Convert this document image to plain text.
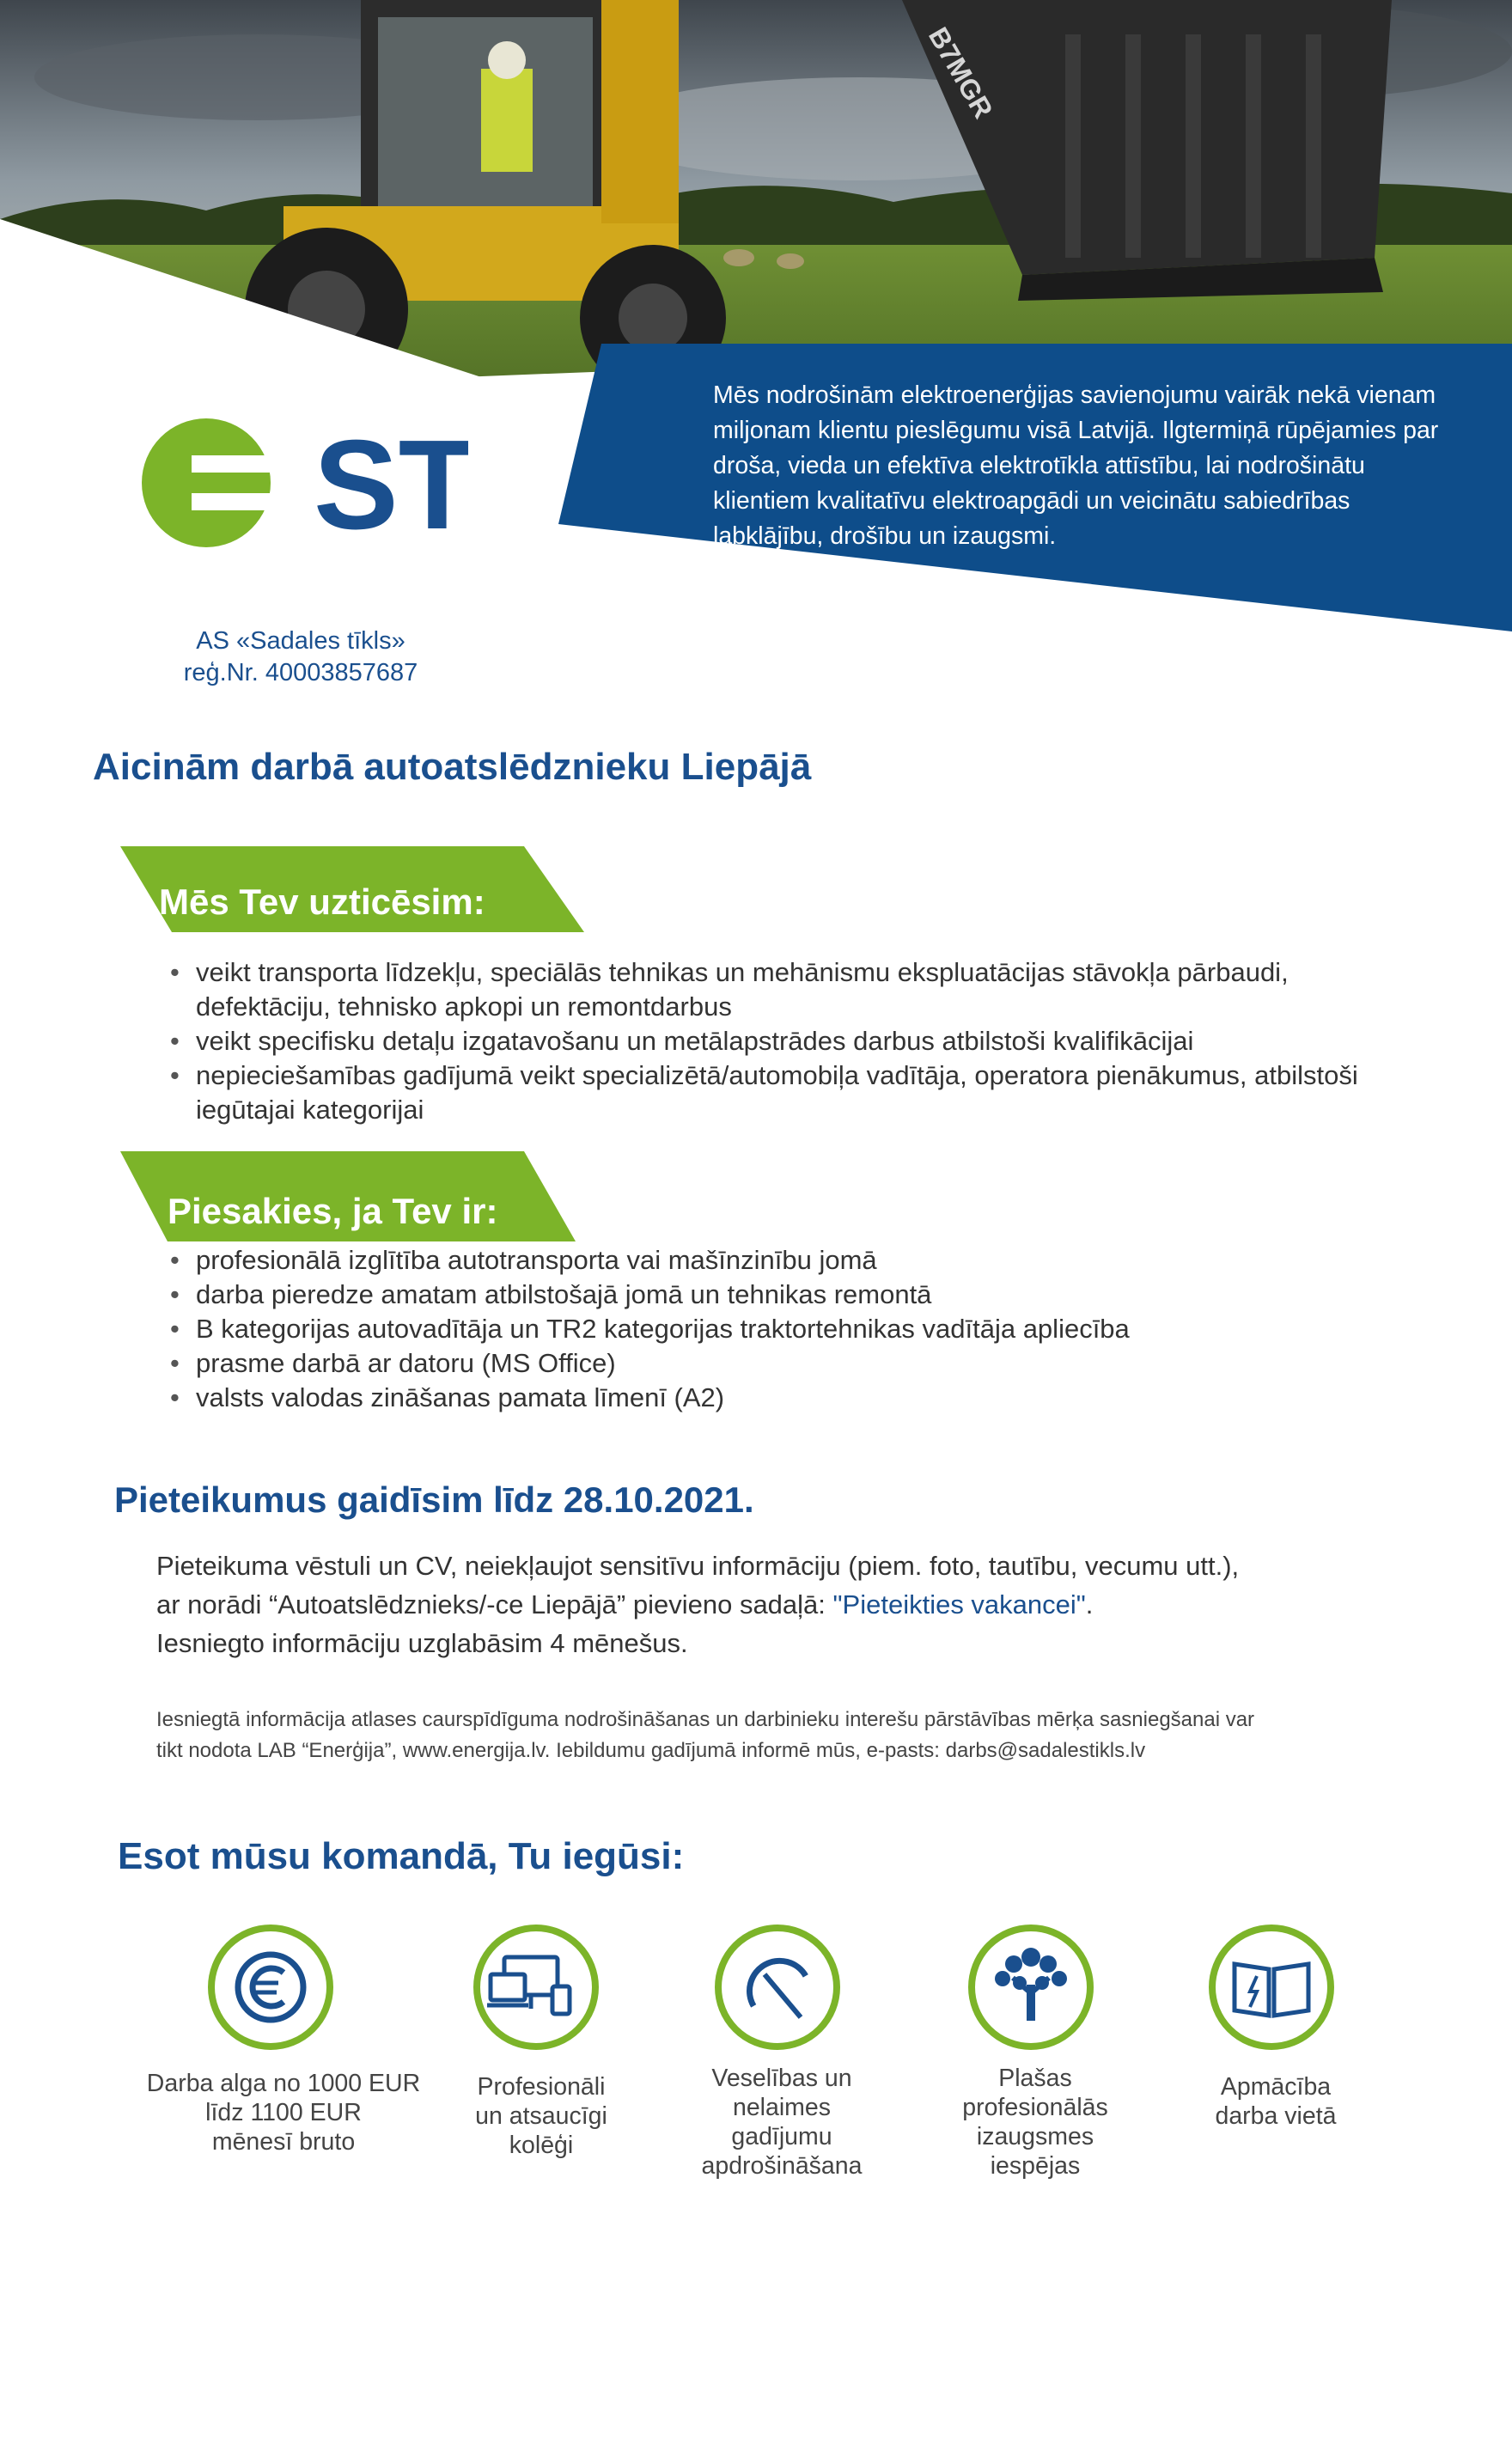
B7MGR
Mēs nodrošinām elektroenerģijas savienojumu vairāk nekā vienam
miljonam klientu pieslēgumu visā Latvijā. Ilgtermiņā rūpējamies par
droša, vieda un efektīva elektrotīkla attīstību, lai nodrošinātu
klientiem kvalitatīvu elektroapgādi un veicinātu sabiedrības
labklājību, drošību un izaugsmi.
ST
AS «Sadales tīkls»
reģ.Nr. 40003857687
Aicinām darbā autoatslēdznieku Liepājā
Mēs Tev uzticēsim:
• veikt transporta līdzekļu, speciālās tehnikas un mehānismu ekspluatācijas stāvokļa pārbaudi,
defektāciju, tehnisko apkopi un remontdarbus
• veikt specifisku detaļu izgatavošanu un metālapstrādes darbus atbilstoši kvalifikācijai
• nepieciešamības gadījumā veikt specializētā/automobiļa vadītāja, operatora pienākumus, atbilstoši
iegūtajai kategorijai
Piesakies, ja Tev ir:
• profesionālā izglītība autotransporta vai mašīnzinību jomā
• darba pieredze amatam atbilstošajā jomā un tehnikas remontā
• B kategorijas autovadītāja un TR2 kategorijas traktortehnikas vadītāja apliecība
• prasme darbā ar datoru (MS Office)
• valsts valodas zināšanas pamata līmenī (A2)
Pieteikumus gaidīsim līdz 28.10.2021.
Pieteikuma vēstuli un CV, neiekļaujot sensitīvu informāciju (piem. foto, tautību, vecumu utt.),
ar norādi “Autoatslēdznieks/-ce Liepājā” pievieno sadaļā: "Pieteikties vakancei".
Iesniegto informāciju uzglabāsim 4 mēnešus.
Iesniegtā informācija atlases caurspīdīguma nodrošināšanas un darbinieku interešu pārstāvības mērķa sasniegšanai var
tikt nodota LAB “Enerģija”, www.energija.lv. Iebildumu gadījumā informē mūs, e-pasts: darbs@sadalestikls.lv
Esot mūsu komandā, Tu iegūsi:
Darba alga no 1000 EUR
līdz 1100 EUR
mēnesī bruto
Profesionāli
un atsaucīgi
kolēģi
Veselības un
nelaimes
gadījumu
apdrošināšana
Plašas
profesionālās
izaugsmes
iespējas
Apmācība
darba vietā
